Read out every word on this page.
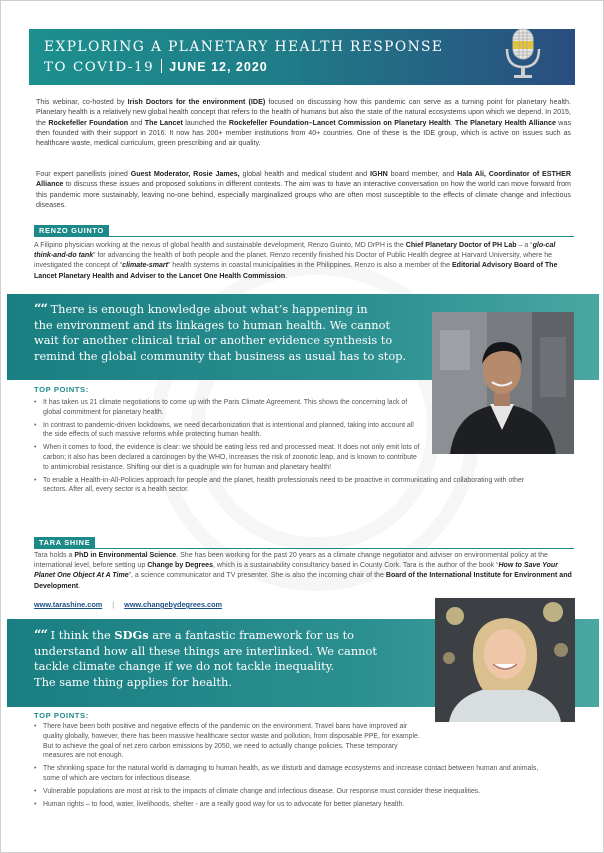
EXPLORING A PLANETARY HEALTH RESPONSE
TO COVID-19 JUNE 12, 2020

This webinar, co-hosted by Irish Doctors for the environment (IDE) focused on discussing how this pandemic can serve as a turning point for planetary health. Planetary health is a relatively new global health concept that refers to the health of humans but also the state of the natural ecosystems upon which we depend. In 2015, the Rockefeller Foundation and The Lancet launched the Rockefeller Foundation–Lancet Commission on Planetary Health. The Planetary Health Alliance was then founded with their support in 2016. It now has 200+ member institutions from 40+ countries. One of these is the IDE group, which is active on issues such as healthcare waste, medical curriculum, green prescribing and air quality.

Four expert panellists joined Guest Moderator, Rosie James, global health and medical student and IGHN board member, and Hala Ali, Coordinator of ESTHER Alliance to discuss these issues and proposed solutions in different contexts. The aim was to have an interactive conversation on how the world can move forward from this pandemic more sustainably, leaving no-one behind, especially marginalized groups who are often most susceptible to the effects of climate change and infectious diseases.

RENZO GUINTO

A Filipino physician working at the nexus of global health and sustainable development, Renzo Guinto, MD DrPH is the Chief Planetary Doctor of PH Lab – a “glo-cal think-and-do tank” for advancing the health of both people and the planet. Renzo recently finished his Doctor of Public Health degree at Harvard University, where he investigated the concept of “climate-smart” health systems in coastal municipalities in the Philippines. Renzo is also a member of the Editorial Advisory Board of The Lancet Planetary Health and Adviser to the Lancet One Health Commission.

““ There is enough knowledge about what’s happening in
the environment and its linkages to human health. We cannot
wait for another clinical trial or another evidence synthesis to
remind the global community that business as usual has to stop.
TOP POINTS:
• It has taken us 21 climate negotiations to come up with the Paris Climate Agreement. This shows the concerning lack of global commitment for planetary health.
• In contrast to pandemic-driven lockdowns, we need decarbonization that is intentional and planned, taking into account all the side effects of such massive reforms while protecting human health.
• When it comes to food, the evidence is clear: we should be eating less red and processed meat. It does not only emit lots of carbon; it also has been declared a carcinogen by the WHO, increases the risk of zoonotic leap, and is known to contribute to antimicrobial resistance. Shifting our diet is a quadruple win for human and planetary health!
• To enable a Health-in-All-Policies approach for people and the planet, health professionals need to be proactive in communicating and collaborating with other sectors. After all, every sector is a health sector.
TARA SHINE

Tara holds a PhD in Environmental Science. She has been working for the past 20 years as a climate change negotiator and adviser on environmental policy at the international level, before setting up Change by Degrees, which is a sustainability consultancy based in County Cork. Tara is the author of the book “How to Save Your Planet One Object At A Time”, a science communicator and TV presenter. She is also the incoming chair of the Board of the International Institute for Environment and Development.

www.tarashine.com | www.changebydegrees.com
““ I think the SDGs are a fantastic framework for us to
understand how all these things are interlinked. We cannot
tackle climate change if we do not tackle inequality.
The same thing applies for health.
TOP POINTS:
• There have been both positive and negative effects of the pandemic on the environment. Travel bans have improved air quality globally, however, there has been massive healthcare sector waste and pollution, from disposable PPE, for example. But to achieve the goal of net zero carbon emissions by 2050, we need to actually change policies. These temporary measures are not enough.
• The shrinking space for the natural world is damaging to human health, as we disturb and damage ecosystems and increase contact between human and animals, some of which are vectors for infectious disease.
• Vulnerable populations are most at risk to the impacts of climate change and infectious disease. Our response must consider these inequalities.
• Human rights – to food, water, livelihoods, shelter - are a really good way for us to advocate for better planetary health.
